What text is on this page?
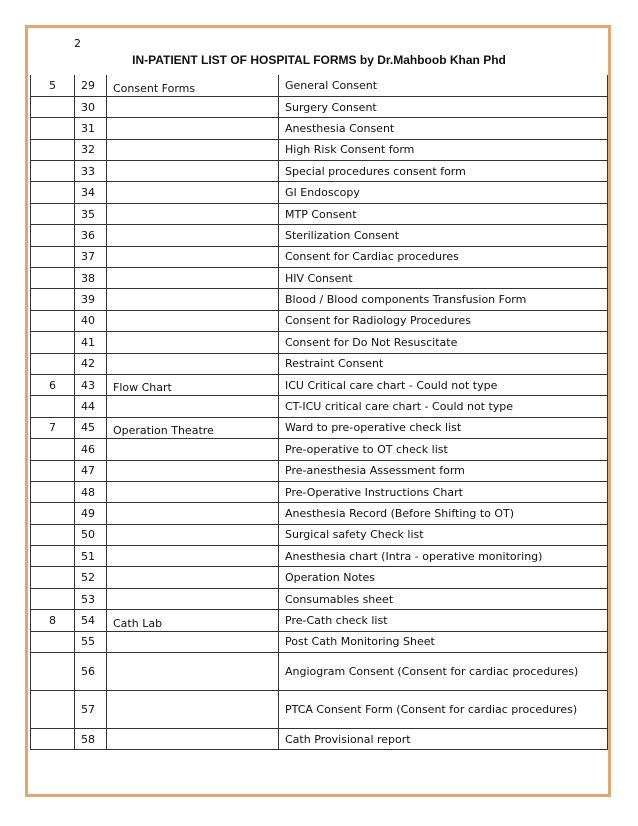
2
IN-PATIENT LIST OF HOSPITAL FORMS by Dr.Mahboob Khan Phd
5	29	Consent Forms	General Consent
	30		Surgery Consent
	31		Anesthesia Consent
	32		High Risk Consent form
	33		Special procedures consent form
	34		GI Endoscopy
	35		MTP Consent
	36		Sterilization Consent
	37		Consent for Cardiac procedures
	38		HIV Consent
	39		Blood / Blood components Transfusion Form
	40		Consent for Radiology Procedures
	41		Consent for Do Not Resuscitate
	42		Restraint Consent
6	43	Flow Chart	ICU Critical care chart - Could not type
	44		CT-ICU critical care chart - Could not type
7	45	Operation Theatre	Ward to pre-operative check list
	46		Pre-operative to OT check list
	47		Pre-anesthesia Assessment form
	48		Pre-Operative Instructions Chart
	49		Anesthesia Record (Before Shifting to OT)
	50		Surgical safety Check list
	51		Anesthesia chart (Intra - operative monitoring)
	52		Operation Notes
	53		Consumables sheet
8	54	Cath Lab	Pre-Cath check list
	55		Post Cath Monitoring Sheet
	56		Angiogram Consent (Consent for cardiac procedures)
	57		PTCA Consent Form (Consent for cardiac procedures)
	58		Cath Provisional report
